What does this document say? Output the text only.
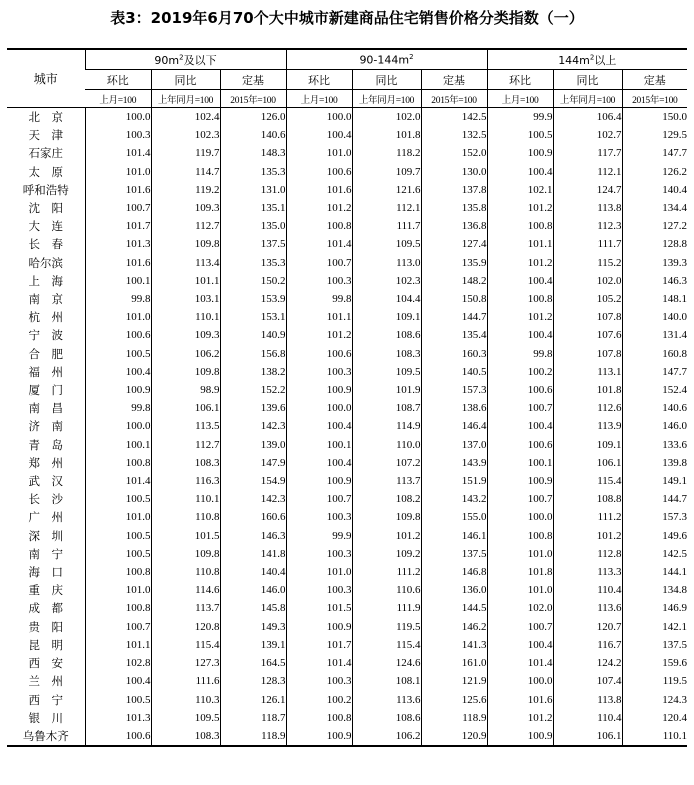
表3：2019年6月70个大中城市新建商品住宅销售价格分类指数（一）
城市	$90m^2$及以下			$90-144m^2$			$144m^2$以上		
	环比	同比	定基	环比	同比	定基	环比	同比	定基
	上月=100	上年同月=100	2015年=100	上月=100	上年同月=100	2015年=100	上月=100	上年同月=100	2015年=100
北　京	100.0	102.4	126.0	100.0	102.0	142.5	99.9	106.4	150.0
天　津	100.3	102.3	140.6	100.4	101.8	132.5	100.5	102.7	129.5
石家庄	101.4	119.7	148.3	101.0	118.2	152.0	100.9	117.7	147.7
太　原	101.0	114.7	135.3	100.6	109.7	130.0	100.4	112.1	126.2
呼和浩特	101.6	119.2	131.0	101.6	121.6	137.8	102.1	124.7	140.4
沈　阳	100.7	109.3	135.1	101.2	112.1	135.8	101.2	113.8	134.4
大　连	101.7	112.7	135.0	100.8	111.7	136.8	100.8	112.3	127.2
长　春	101.3	109.8	137.5	101.4	109.5	127.4	101.1	111.7	128.8
哈尔滨	101.6	113.4	135.3	100.7	113.0	135.9	101.2	115.2	139.3
上　海	100.1	101.1	150.2	100.3	102.3	148.2	100.4	102.0	146.3
南　京	99.8	103.1	153.9	99.8	104.4	150.8	100.8	105.2	148.1
杭　州	101.0	110.1	153.1	101.1	109.1	144.7	101.2	107.8	140.0
宁　波	100.6	109.3	140.9	101.2	108.6	135.4	100.4	107.6	131.4
合　肥	100.5	106.2	156.8	100.6	108.3	160.3	99.8	107.8	160.8
福　州	100.4	109.8	138.2	100.3	109.5	140.5	100.2	113.1	147.7
厦　门	100.9	98.9	152.2	100.9	101.9	157.3	100.6	101.8	152.4
南　昌	99.8	106.1	139.6	100.0	108.7	138.6	100.7	112.6	140.6
济　南	100.0	113.5	142.3	100.4	114.9	146.4	100.4	113.9	146.0
青　岛	100.1	112.7	139.0	100.1	110.0	137.0	100.6	109.1	133.6
郑　州	100.8	108.3	147.9	100.4	107.2	143.9	100.1	106.1	139.8
武　汉	101.4	116.3	154.9	100.9	113.7	151.9	100.9	115.4	149.1
长　沙	100.5	110.1	142.3	100.7	108.2	143.2	100.7	108.8	144.7
广　州	101.0	110.8	160.6	100.3	109.8	155.0	100.0	111.2	157.3
深　圳	100.5	101.5	146.3	99.9	101.2	146.1	100.8	101.2	149.6
南　宁	100.5	109.8	141.8	100.3	109.2	137.5	101.0	112.8	142.5
海　口	100.8	110.8	140.4	101.0	111.2	146.8	101.8	113.3	144.1
重　庆	101.0	114.6	146.0	100.3	110.6	136.0	101.0	110.4	134.8
成　都	100.8	113.7	145.8	101.5	111.9	144.5	102.0	113.6	146.9
贵　阳	100.7	120.8	149.3	100.9	119.5	146.2	100.7	120.7	142.1
昆　明	101.1	115.4	139.1	101.7	115.4	141.3	100.4	116.7	137.5
西　安	102.8	127.3	164.5	101.4	124.6	161.0	101.4	124.2	159.6
兰　州	100.4	111.6	128.3	100.3	108.1	121.9	100.0	107.4	119.5
西　宁	100.5	110.3	126.1	100.2	113.6	125.6	101.6	113.8	124.3
银　川	101.3	109.5	118.7	100.8	108.6	118.9	101.2	110.4	120.4
乌鲁木齐	100.6	108.3	118.9	100.9	106.2	120.9	100.9	106.1	110.1
